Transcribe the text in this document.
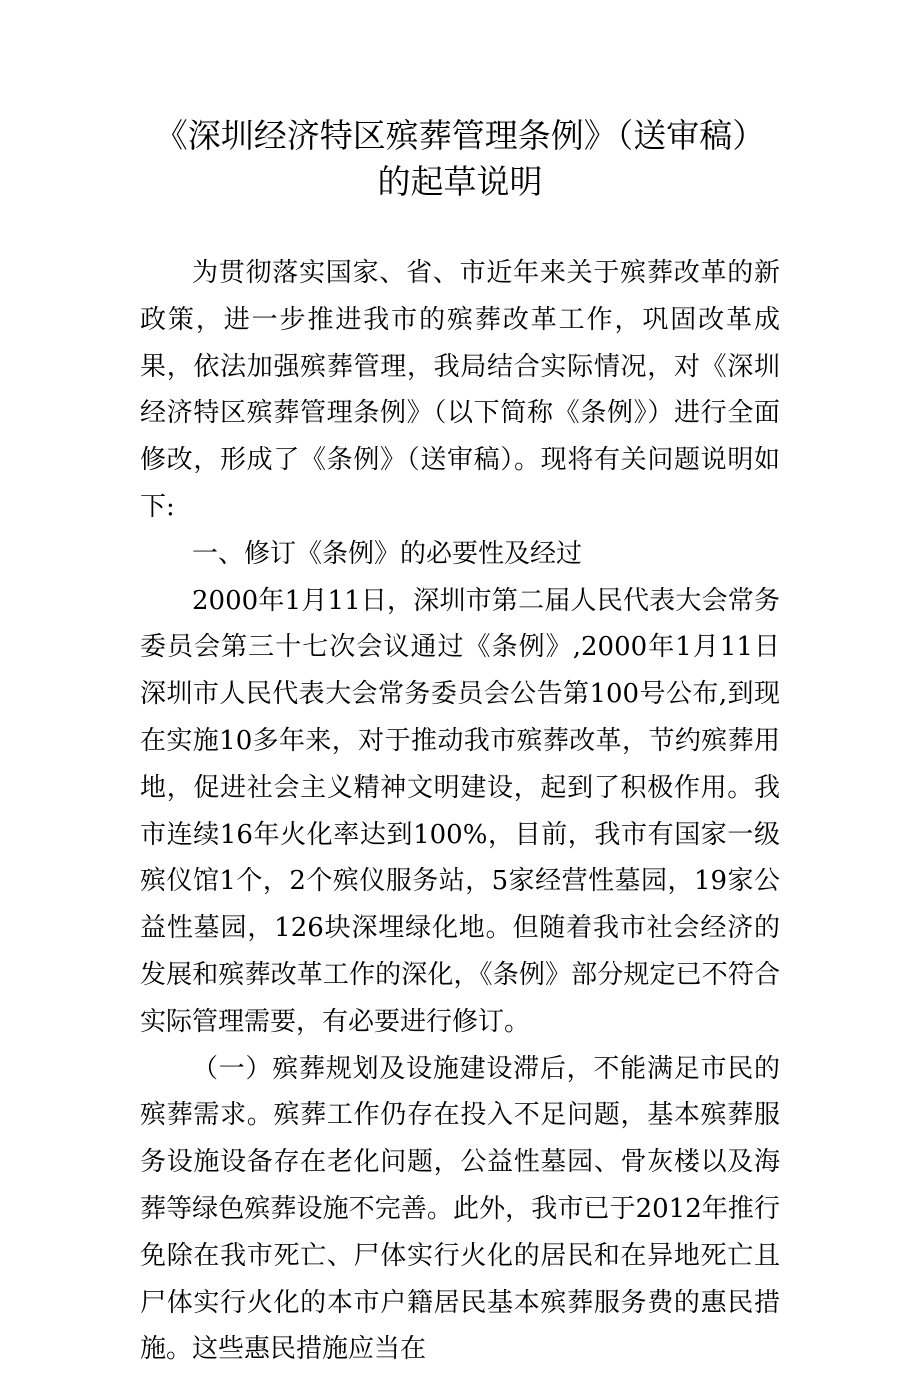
《深圳经济特区殡葬管理条例》（送审稿）
的起草说明

为贯彻落实国家、省、市近年来关于殡葬改革的新政策，进一步推进我市的殡葬改革工作，巩固改革成果，依法加强殡葬管理，我局结合实际情况，对《深圳经济特区殡葬管理条例》（以下简称《条例》）进行全面修改，形成了《条例》（送审稿）。现将有关问题说明如下:

一、修订《条例》的必要性及经过

2000年1月11日，深圳市第二届人民代表大会常务委员会第三十七次会议通过《条例》,2000年1月11日深圳市人民代表大会常务委员会公告第100号公布,到现在实施10多年来，对于推动我市殡葬改革，节约殡葬用地，促进社会主义精神文明建设，起到了积极作用。我市连续16年火化率达到100%，目前，我市有国家一级殡仪馆1个，2个殡仪服务站，5家经营性墓园，19家公益性墓园，126块深埋绿化地。但随着我市社会经济的发展和殡葬改革工作的深化，《条例》部分规定已不符合实际管理需要，有必要进行修订。

（一）殡葬规划及设施建设滞后，不能满足市民的殡葬需求。殡葬工作仍存在投入不足问题，基本殡葬服务设施设备存在老化问题，公益性墓园、骨灰楼以及海葬等绿色殡葬设施不完善。此外，我市已于2012年推行免除在我市死亡、尸体实行火化的居民和在异地死亡且尸体实行火化的本市户籍居民基本殡葬服务费的惠民措施。这些惠民措施应当在
